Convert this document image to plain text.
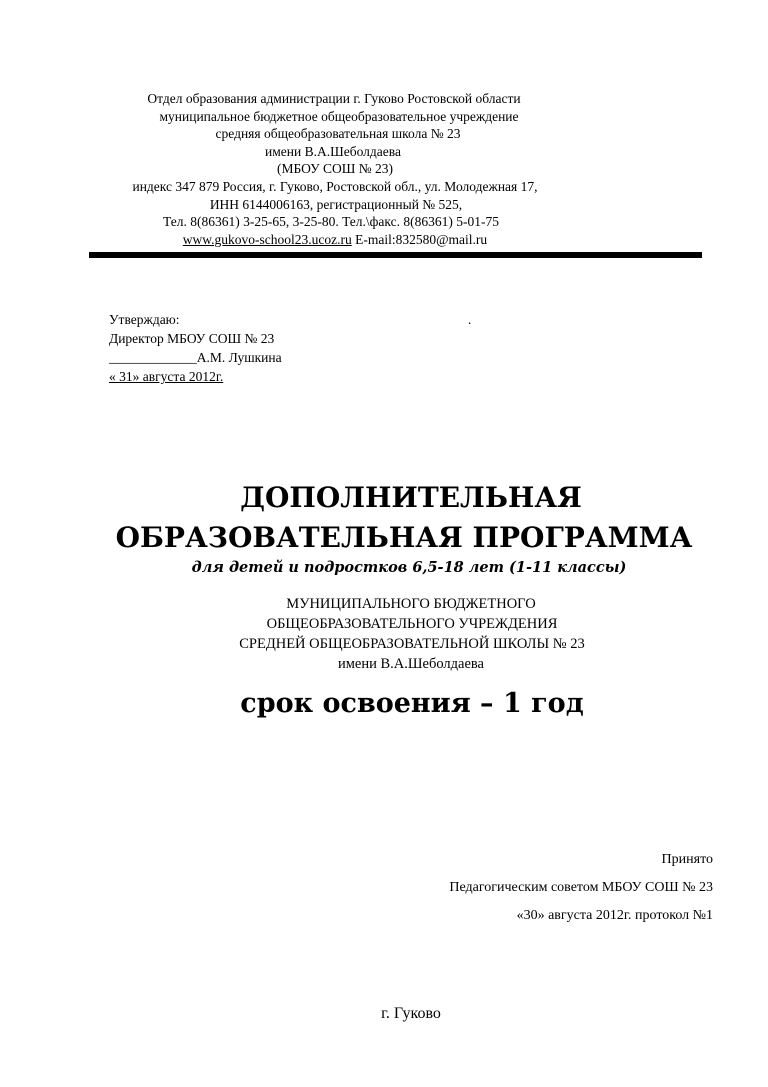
Отдел образования администрации г. Гуково Ростовской области
муниципальное бюджетное общеобразовательное учреждение
средняя общеобразовательная школа № 23
имени В.А.Шеболдаева
(МБОУ СОШ № 23)
индекс 347 879 Россия, г. Гуково, Ростовской обл., ул. Молодежная 17,
ИНН 6144006163, регистрационный № 525,
Тел. 8(86361) 3-25-65, 3-25-80. Тел.\факс. 8(86361) 5-01-75
www.gukovo-school23.ucoz.ru E-mail:832580@mail.ru
Утверждаю:
Директор МБОУ СОШ № 23
_____________А.М. Лушкина
« 31» августа 2012г.
.
ДОПОЛНИТЕЛЬНАЯ
ОБРАЗОВАТЕЛЬНАЯ ПРОГРАММА
для детей и подростков 6,5-18 лет (1-11 классы)
МУНИЦИПАЛЬНОГО БЮДЖЕТНОГО
ОБЩЕОБРАЗОВАТЕЛЬНОГО УЧРЕЖДЕНИЯ
СРЕДНЕЙ ОБЩЕОБРАЗОВАТЕЛЬНОЙ ШКОЛЫ № 23
имени В.А.Шеболдаева
срок освоения – 1 год
Принято
Педагогическим советом МБОУ СОШ № 23
«30» августа 2012г. протокол №1
г. Гуково
